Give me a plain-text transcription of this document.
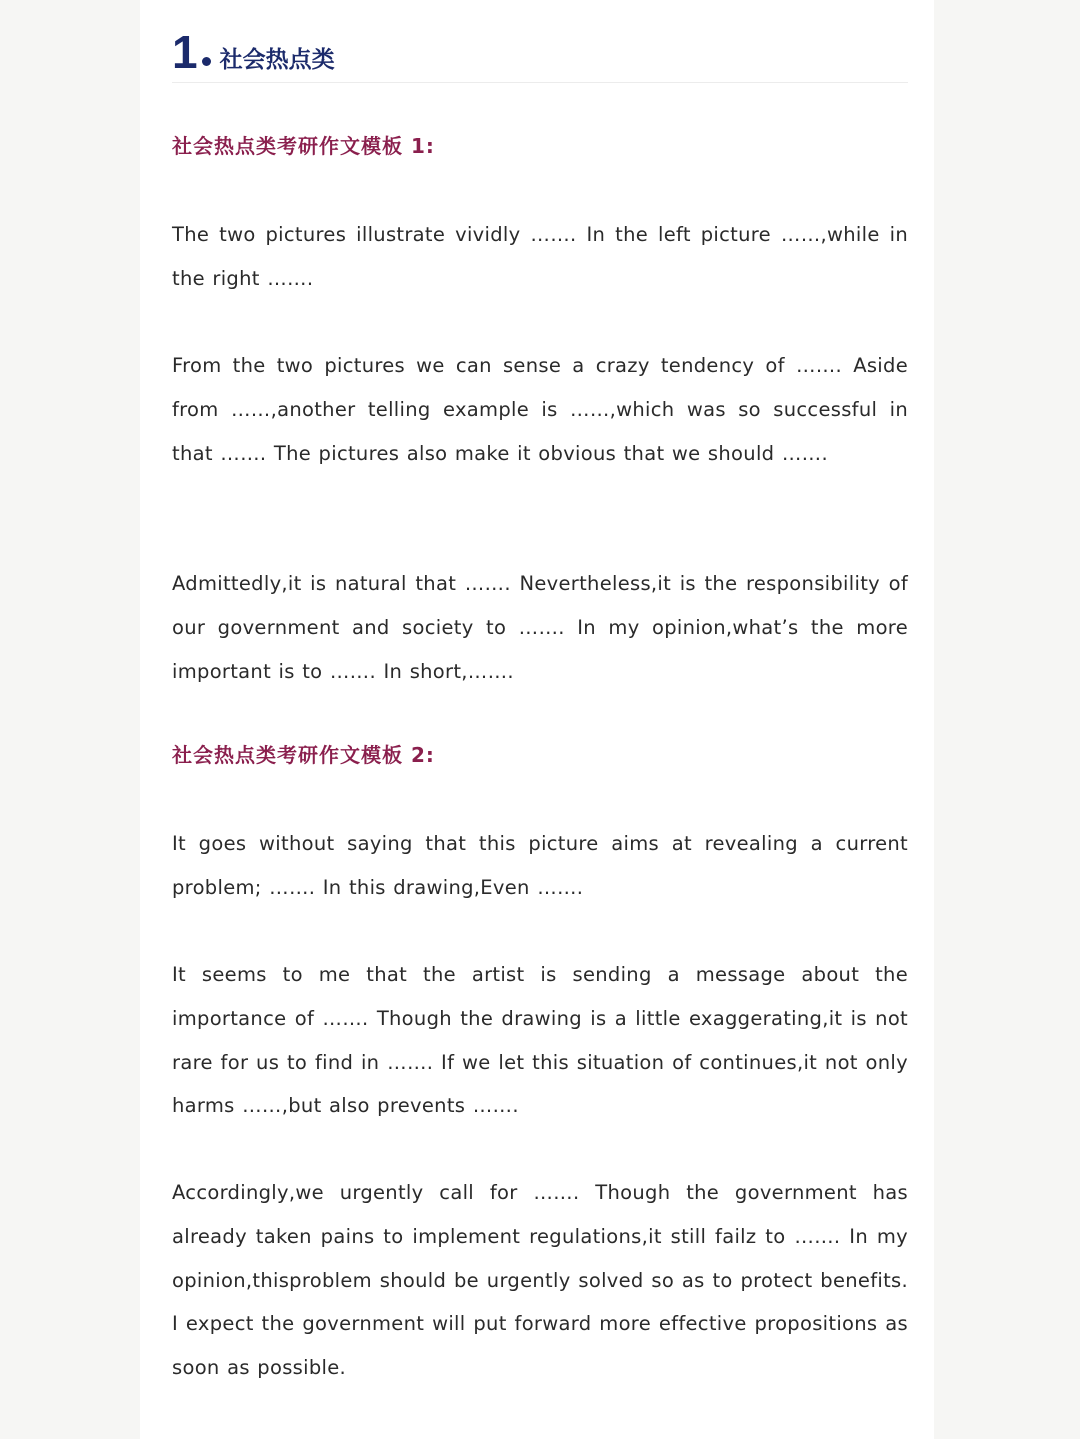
1 社会热点类
社会热点类考研作文模板 1:
The two pictures illustrate vividly ……. In the left picture ……,while in the right …….
From the two pictures we can sense a crazy tendency of ……. Aside from ……,another telling example is ……,which was so successful in that ……. The pictures also make it obvious that we should …….
Admittedly,it is natural that ……. Nevertheless,it is the responsibility of our government and society to ……. In my opinion,what’s the more important is to ……. In short,…….
社会热点类考研作文模板 2:
It goes without saying that this picture aims at revealing a current problem; ……. In this drawing,Even …….
It seems to me that the artist is sending a message about the importance of ……. Though the drawing is a little exaggerating,it is not rare for us to find in ……. If we let this situation of continues,it not only harms ……,but also prevents …….
Accordingly,we urgently call for ……. Though the government has already taken pains to implement regulations,it still failz to ……. In my opinion,thisproblem should be urgently solved so as to protect benefits. I expect the government will put forward more effective propositions as soon as possible.
